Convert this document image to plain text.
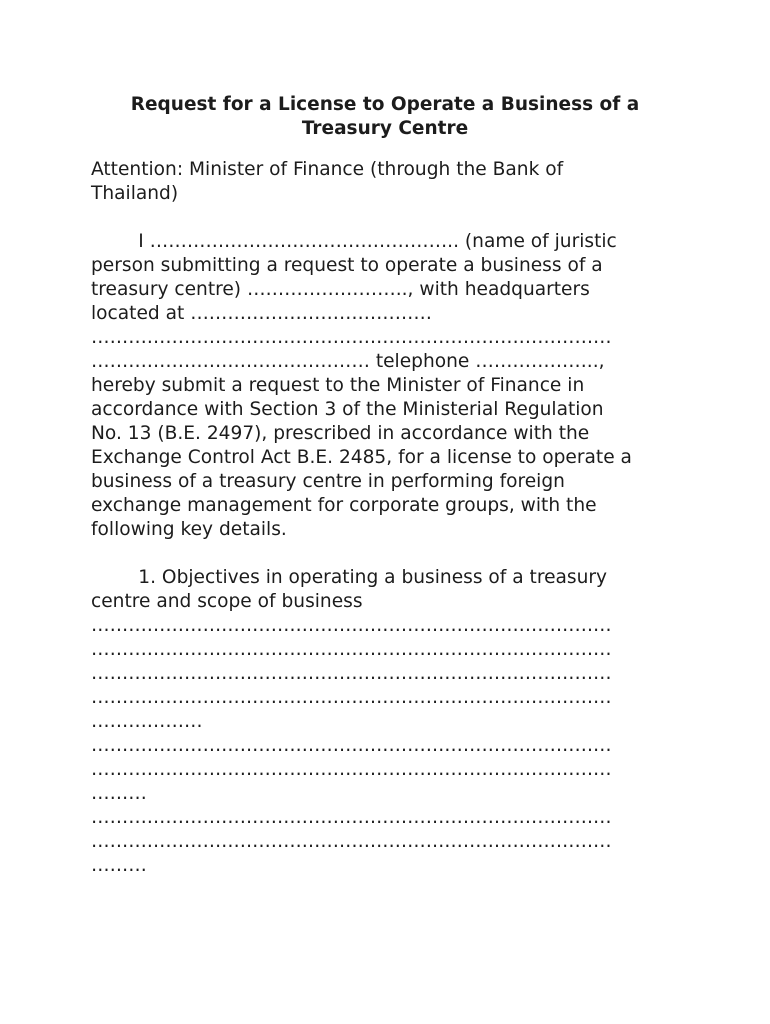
Request for a License to Operate a Business of a
Treasury Centre

Attention: Minister of Finance (through the Bank of

Thailand)

I ………………………………………….. (name of juristic

person submitting a request to operate a business of a

treasury centre) …………………….., with headquarters

located at …………………………………

…………………………………………………………………………

……………………………………… telephone ………………..,

hereby submit a request to the Minister of Finance in

accordance with Section 3 of the Ministerial Regulation

No. 13 (B.E. 2497), prescribed in accordance with the

Exchange Control Act B.E. 2485, for a license to operate a

business of a treasury centre in performing foreign

exchange management for corporate groups, with the

following key details.

1. Objectives in operating a business of a treasury

centre and scope of business

…………………………………………………………………………

…………………………………………………………………………

…………………………………………………………………………

…………………………………………………………………………

………………

…………………………………………………………………………

…………………………………………………………………………

………

…………………………………………………………………………

…………………………………………………………………………

………
